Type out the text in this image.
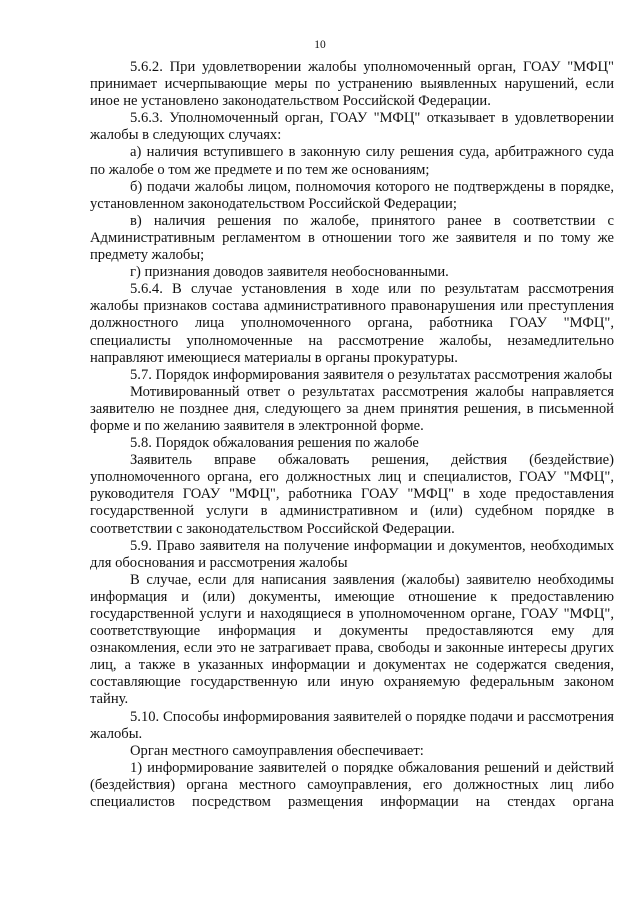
10

5.6.2. При удовлетворении жалобы уполномоченный орган, ГОАУ "МФЦ" принимает исчерпывающие меры по устранению выявленных нарушений, если иное не установлено законодательством Российской Федерации.

5.6.3. Уполномоченный орган, ГОАУ "МФЦ" отказывает в удовлетворении жалобы в следующих случаях:

а) наличия вступившего в законную силу решения суда, арбитражного суда по жалобе о том же предмете и по тем же основаниям;

б) подачи жалобы лицом, полномочия которого не подтверждены в порядке, установленном законодательством Российской Федерации;

в) наличия решения по жалобе, принятого ранее в соответствии с Административным регламентом в отношении того же заявителя и по тому же предмету жалобы;

г) признания доводов заявителя необоснованными.

5.6.4. В случае установления в ходе или по результатам рассмотрения жалобы признаков состава административного правонарушения или преступления должностного лица уполномоченного органа, работника ГОАУ "МФЦ", специалисты уполномоченные на рассмотрение жалобы, незамедлительно направляют имеющиеся материалы в органы прокуратуры.

5.7. Порядок информирования заявителя о результатах рассмотрения жалобы

Мотивированный ответ о результатах рассмотрения жалобы направляется заявителю не позднее дня, следующего за днем принятия решения, в письменной форме и по желанию заявителя в электронной форме.

5.8. Порядок обжалования решения по жалобе

Заявитель вправе обжаловать решения, действия (бездействие) уполномоченного органа, его должностных лиц и специалистов, ГОАУ "МФЦ", руководителя ГОАУ "МФЦ", работника ГОАУ "МФЦ" в ходе предоставления государственной услуги в административном и (или) судебном порядке в соответствии с законодательством Российской Федерации.

5.9. Право заявителя на получение информации и документов, необходимых для обоснования и рассмотрения жалобы

В случае, если для написания заявления (жалобы) заявителю необходимы информация и (или) документы, имеющие отношение к предоставлению государственной услуги и находящиеся в уполномоченном органе, ГОАУ "МФЦ", соответствующие информация и документы предоставляются ему для ознакомления, если это не затрагивает права, свободы и законные интересы других лиц, а также в указанных информации и документах не содержатся сведения, составляющие государственную или иную охраняемую федеральным законом тайну.

5.10. Способы информирования заявителей о порядке подачи и рассмотрения жалобы.

Орган местного самоуправления обеспечивает:

1) информирование заявителей о порядке обжалования решений и действий (бездействия) органа местного самоуправления, его должностных лиц либо специалистов посредством размещения информации на стендах органа
